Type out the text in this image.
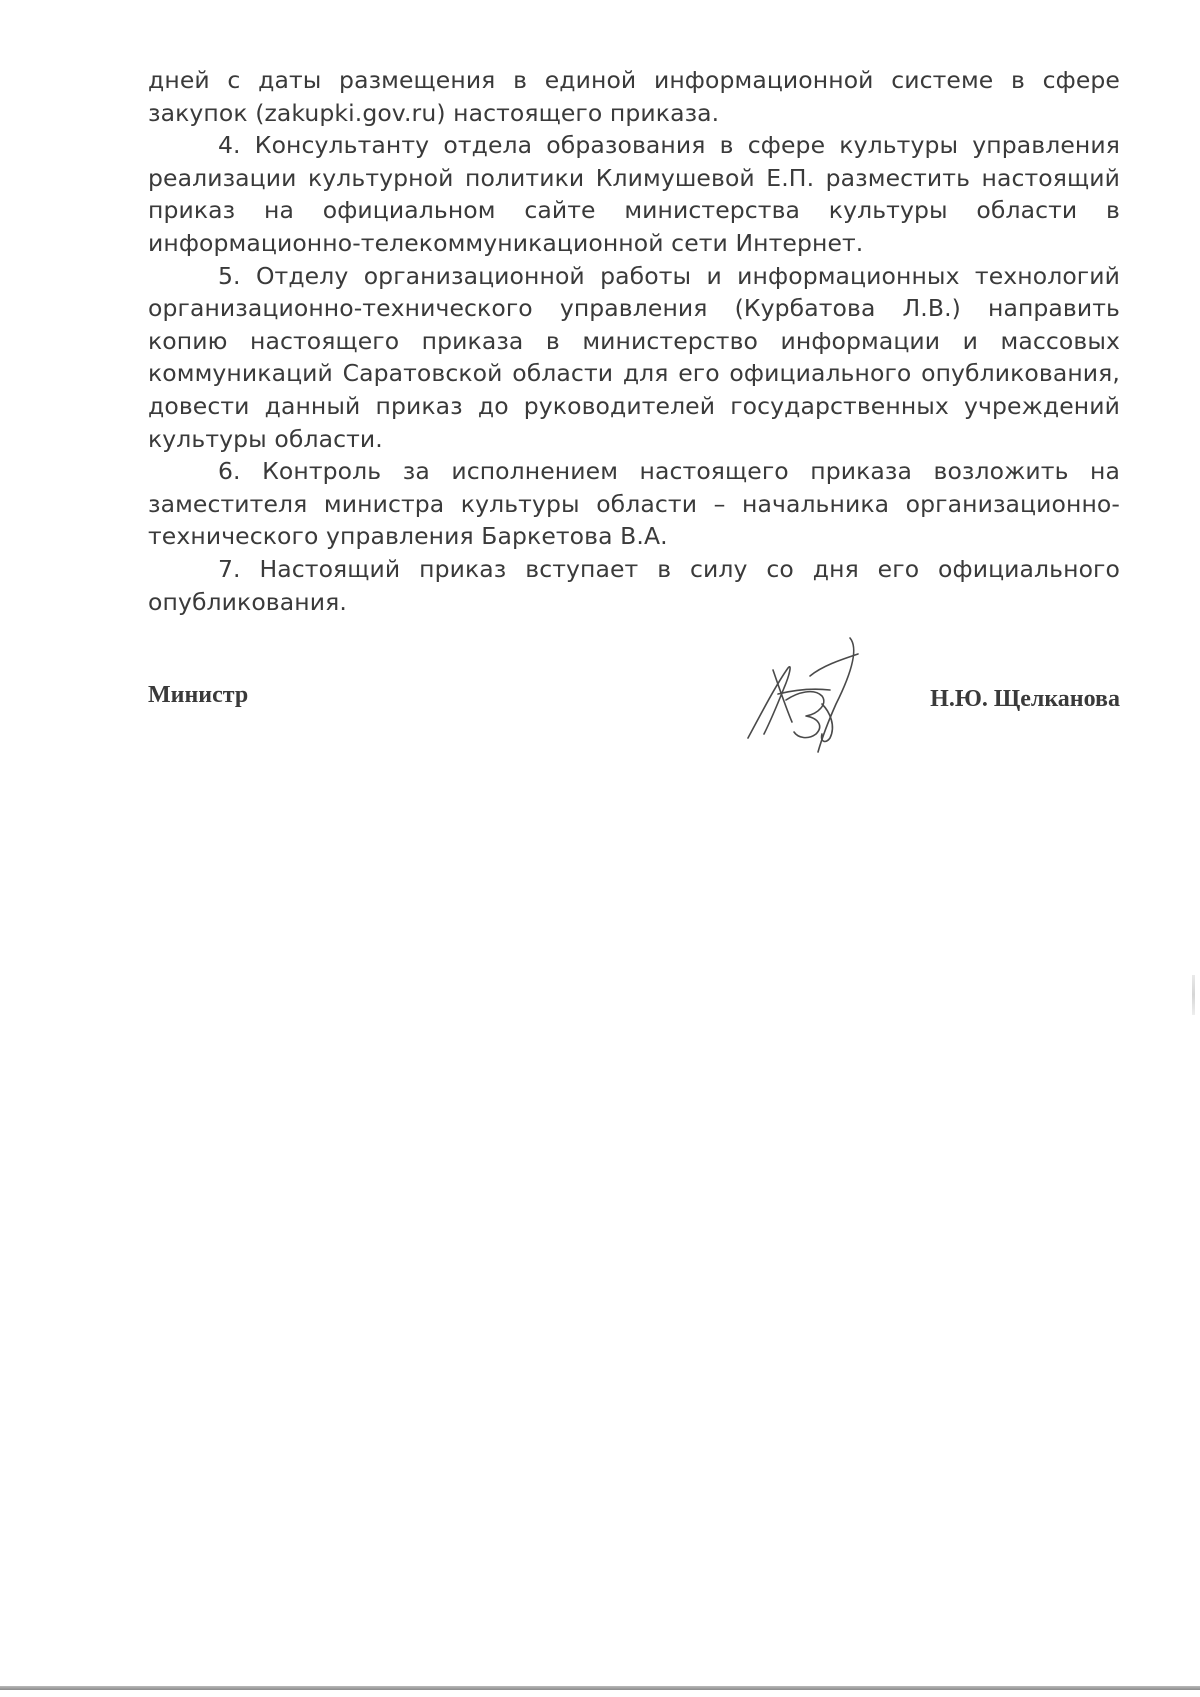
дней с даты размещения в единой информационной системе в сфере закупок (zakupki.gov.ru) настоящего приказа.

4. Консультанту отдела образования в сфере культуры управления реализации культурной политики Климушевой Е.П. разместить настоящий приказ на официальном сайте министерства культуры области в информационно-телекоммуникационной сети Интернет.

5. Отделу организационной работы и информационных технологий организационно-технического управления (Курбатова Л.В.) направить копию настоящего приказа в министерство информации и массовых коммуникаций Саратовской области для его официального опубликования, довести данный приказ до руководителей государственных учреждений культуры области.

6. Контроль за исполнением настоящего приказа возложить на заместителя министра культуры области – начальника организационно-технического управления Баркетова В.А.

7. Настоящий приказ вступает в силу со дня его официального опубликования.

Министр	Н.Ю. Щелканова
